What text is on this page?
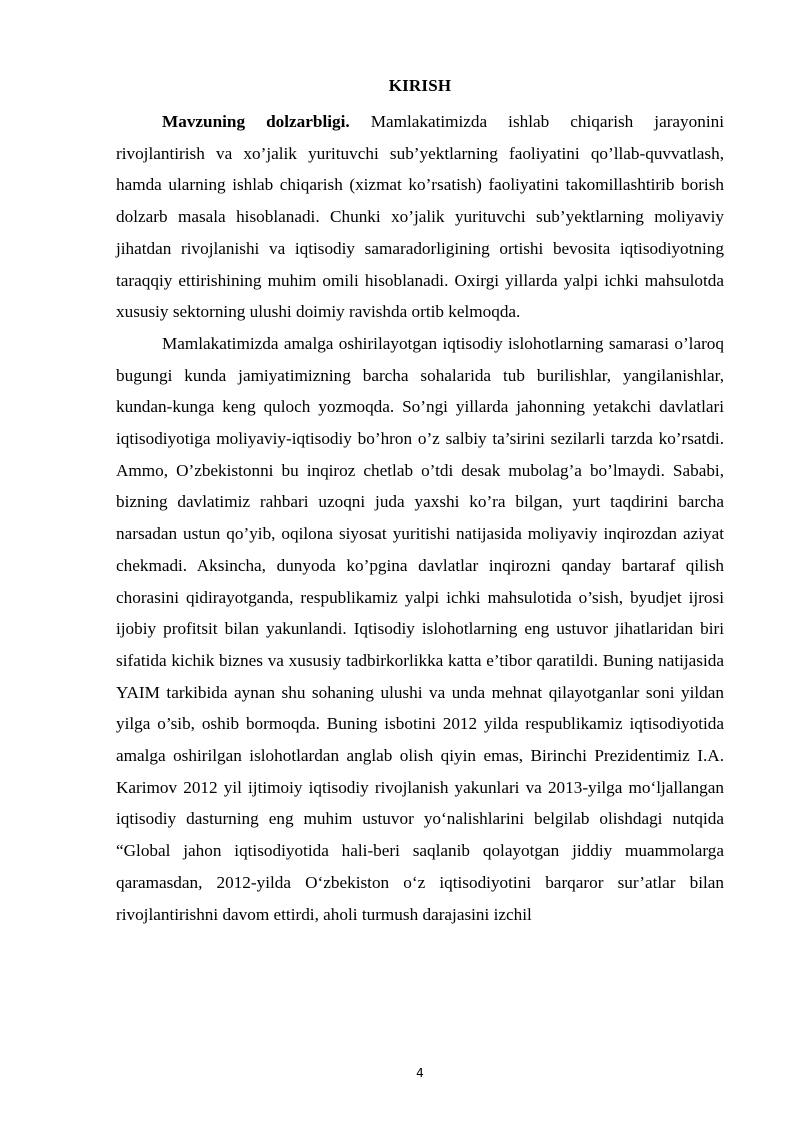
KIRISH

Mavzuning dolzarbligi. Mamlakatimizda ishlab chiqarish jarayonini rivojlantirish va xo’jalik yurituvchi sub’yektlarning faoliyatini qo’llab-quvvatlash, hamda ularning ishlab chiqarish (xizmat ko’rsatish) faoliyatini takomillashtirib borish dolzarb masala hisoblanadi. Chunki xo’jalik yurituvchi sub’yektlarning moliyaviy jihatdan rivojlanishi va iqtisodiy samaradorligining ortishi bevosita iqtisodiyotning taraqqiy ettirishining muhim omili hisoblanadi. Oxirgi yillarda yalpi ichki mahsulotda xususiy sektorning ulushi doimiy ravishda ortib kelmoqda.

Mamlakatimizda amalga oshirilayotgan iqtisodiy islohotlarning samarasi o’laroq bugungi kunda jamiyatimizning barcha sohalarida tub burilishlar, yangilanishlar, kundan-kunga keng quloch yozmoqda. So’ngi yillarda jahonning yetakchi davlatlari iqtisodiyotiga moliyaviy-iqtisodiy bo’hron o’z salbiy ta’sirini sezilarli tarzda ko’rsatdi. Ammo, O’zbekistonni bu inqiroz chetlab o’tdi desak mubolag’a bo’lmaydi. Sababi, bizning davlatimiz rahbari uzoqni juda yaxshi ko’ra bilgan, yurt taqdirini barcha narsadan ustun qo’yib, oqilona siyosat yuritishi natijasida moliyaviy inqirozdan aziyat chekmadi. Aksincha, dunyoda ko’pgina davlatlar inqirozni qanday bartaraf qilish chorasini qidirayotganda, respublikamiz yalpi ichki mahsulotida o’sish, byudjet ijrosi ijobiy profitsit bilan yakunlandi. Iqtisodiy islohotlarning eng ustuvor jihatlaridan biri sifatida kichik biznes va xususiy tadbirkorlikka katta e’tibor qaratildi. Buning natijasida YAIM tarkibida aynan shu sohaning ulushi va unda mehnat qilayotganlar soni yildan yilga o’sib, oshib bormoqda. Buning isbotini 2012 yilda respublikamiz iqtisodiyotida amalga oshirilgan islohotlardan anglab olish qiyin emas, Birinchi Prezidentimiz I.A. Karimov 2012 yil ijtimoiy iqtisodiy rivojlanish yakunlari va 2013-yilga mo‘ljallangan iqtisodiy dasturning eng muhim ustuvor yo‘nalishlarini belgilab olishdagi nutqida “Global jahon iqtisodiyotida hali-beri saqlanib qolayotgan jiddiy muammolarga qaramasdan, 2012-yilda O‘zbekiston o‘z iqtisodiyotini barqaror sur’atlar bilan rivojlantirishni davom ettirdi, aholi turmush darajasini izchil

4
